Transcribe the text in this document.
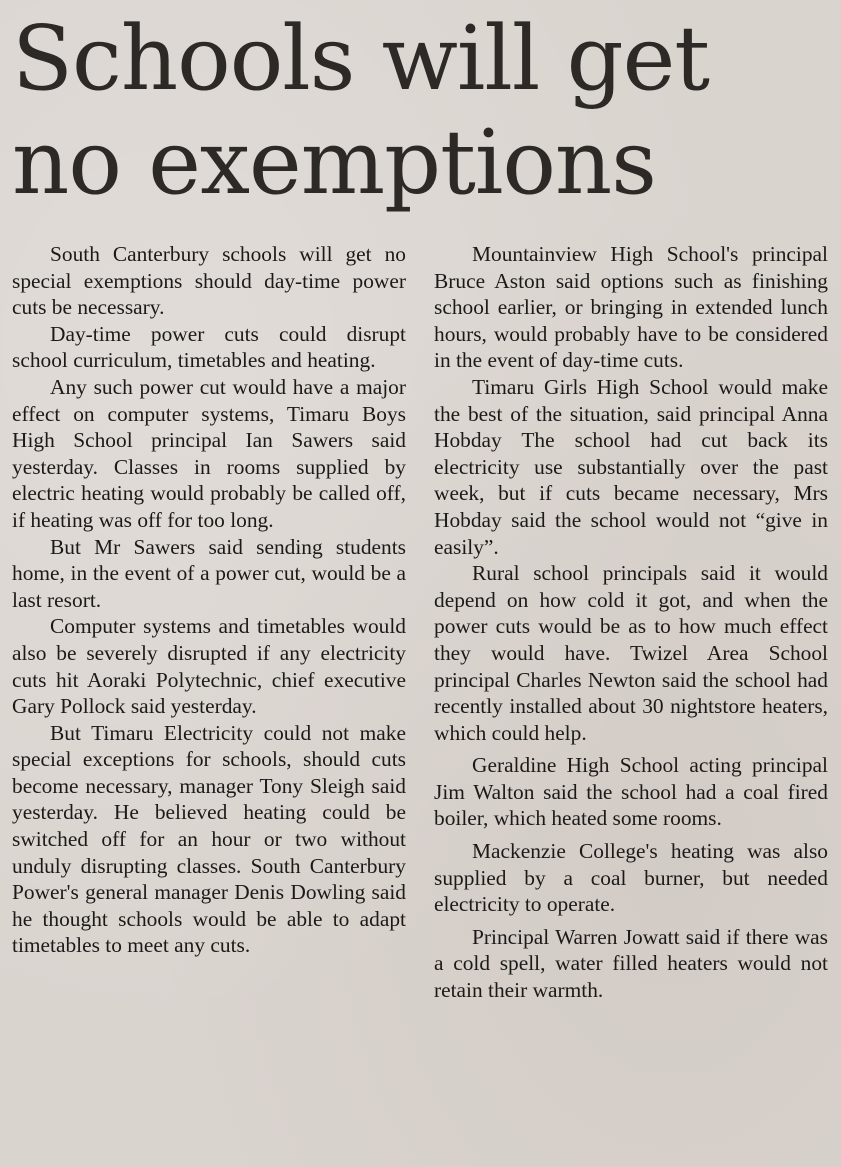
Schools will get
no exemptions

South Canterbury schools will get no special exemptions should day-time power cuts be necessary.

Day-time power cuts could disrupt school curriculum, timetables and heating.

Any such power cut would have a major effect on computer systems, Timaru Boys High School principal Ian Sawers said yesterday. Classes in rooms supplied by electric heating would probably be called off, if heating was off for too long.

But Mr Sawers said sending students home, in the event of a power cut, would be a last resort.

Computer systems and timetables would also be severely disrupted if any electricity cuts hit Aoraki Polytechnic, chief executive Gary Pollock said yesterday.

But Timaru Electricity could not make special exceptions for schools, should cuts become necessary, manager Tony Sleigh said yesterday. He believed heating could be switched off for an hour or two without unduly disrupting classes. South Canterbury Power's general manager Denis Dowling said he thought schools would be able to adapt timetables to meet any cuts.

Mountainview High School's principal Bruce Aston said options such as finishing school earlier, or bringing in extended lunch hours, would probably have to be considered in the event of day-time cuts.

Timaru Girls High School would make the best of the situation, said principal Anna Hobday The school had cut back its electricity use substantially over the past week, but if cuts became necessary, Mrs Hobday said the school would not “give in easily”.

Rural school principals said it would depend on how cold it got, and when the power cuts would be as to how much effect they would have. Twizel Area School principal Charles Newton said the school had recently installed about 30 nightstore heaters, which could help.

Geraldine High School acting principal Jim Walton said the school had a coal fired boiler, which heated some rooms.

Mackenzie College's heating was also supplied by a coal burner, but needed electricity to operate.

Principal Warren Jowatt said if there was a cold spell, water filled heaters would not retain their warmth.
